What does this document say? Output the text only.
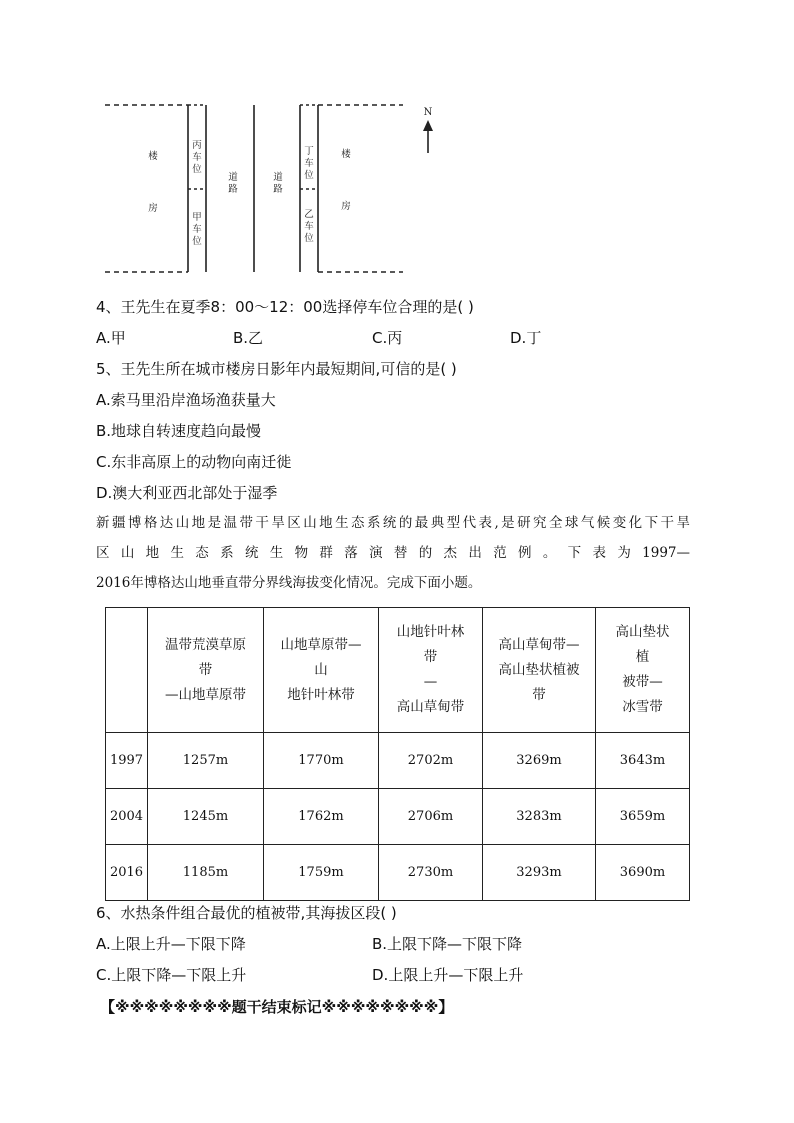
N
楼
房
楼
房
丙
车
位
甲
车
位
丁
车
位
乙
车
位
道
路
道
路
4、王先生在夏季8：00～12：00选择停车位合理的是( )
A.甲	B.乙	C.丙	D.丁
5、王先生所在城市楼房日影年内最短期间,可信的是( )
A.索马里沿岸渔场渔获量大
B.地球自转速度趋向最慢
C.东非高原上的动物向南迁徙
D.澳大利亚西北部处于湿季
新疆博格达山地是温带干旱区山地生态系统的最典型代表,是研究全球气候变化下干旱
区山地生态系统生物群落演替的杰出范例。下表为1997—
2016年博格达山地垂直带分界线海拔变化情况。完成下面小题。
	温带荒漠草原
带
—山地草原带	山地草原带—
山
地针叶林带	山地针叶林
带
—
高山草甸带	高山草甸带—
高山垫状植被
带	高山垫状
植
被带—
冰雪带
1997	1257m	1770m	2702m	3269m	3643m
2004	1245m	1762m	2706m	3283m	3659m
2016	1185m	1759m	2730m	3293m	3690m
6、水热条件组合最优的植被带,其海拔区段( )
A.上限上升—下限下降	B.上限下降—下限下降
C.上限下降—下限上升	D.上限上升—下限上升
【※※※※※※※※题干结束标记※※※※※※※※】
